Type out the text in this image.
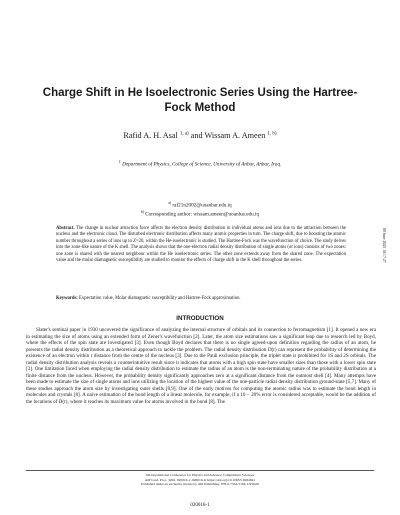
Charge Shift in He Isoelectronic Series Using the Hartree-Fock Method
Rafid A. H. Asal $^{1, a)}$ and Wissam A. Ameen $^{1, b)}$
$^1$ Department of Physics, College of Science, University of Anbar, Anbar, Iraq.
$^{a)}$ raf21n2002@uoanbar.edu.iq
$^{b)}$ Corresponding author: wissam.ameen@uoanbar.edu.iq
Abstract. The change in nuclear attraction force affects the electron density distribution in individual atoms and ions due to the attraction between the nucleus and the electronic cloud. The disturbed electronic distribution affects many atomic properties in turn. The charge shift, due to boosting the atomic number throughout a series of ions up to Z=20, within the He-isoelectronic is studied. The Hartree-Fock was the wavefunction of choice. The study delves into the zone-like nature of the K shell. The analysis shows that the one-electron radial density distribution of single atoms (or ions) consists of two zones: one zone is shared with the nearest neighbour within the He isoelectronic series. The other zone extends away from the shared zone. The expectation value and the molar diamagnetic susceptibility are studied to monitor the effects of charge shift in the K shell throughout the series.
Keywords: Expectation value, Molar diamagnetic susceptibility and Hartree-Fock approximation.
09 June 2025 10:17:27
INTRODUCTION
Slater's seminal paper in 1930 uncovered the significance of analyzing the internal structure of orbitals and its connection to ferromagnetism [1]. It opened a new era in estimating the size of atoms using an extended form of Zener's wavefunction [2]. Later, the atom size estimations saw a significant leap due to research led by Boyd, where the effects of the spin state are investigated [3]. Even though Boyd declares that there is no single agreed-upon definition regarding the radius of an atom, he presents the radial density distribution as a theoretical approach to tackle the problem. The radial density distribution D(r) can represent the probability of determining the existence of an electron within r distance from the centre of the nucleus [3]. Due to the Pauli exclusion principle, the triplet state is prohibited for 1S and 2S orbitals. The radial density distribution analysis reveals a counterintuitive result since it indicates that atoms with a high spin state have smaller sizes than those with a lower spin state [3]. One limitation faced when employing the radial density distribution to estimate the radius of an atom is the non-terminating nature of the probability distribution at a finite distance from the nucleus. However, the probability density significantly approaches zero at a significant distance from the outmost shell [4]. Many attempts have been made to estimate the size of single atoms and ions utilizing the location of the highest value of the one-particle radial density distribution ground-state [5,7]. Many of these studies approach the atom size by investigating outer shells [8,9]. One of the early motives for computing the atomic radius was to estimate the bond length in molecules and crystals [8]. A naive estimation of the bond length of a linear molecule, for example, if a 10 − 20% error is considered acceptable, would be the addition of the locations of D(r), where it reaches its maximum value for atoms involved in the bond [8]. The
6th International Conference for Physics and Advance Computation Sciences
AIP Conf. Proc. 3292, 020016-1–020016-6; https://doi.org/10.1063/5.0264841
Published under an exclusive license by AIP Publishing. 978-0-7354-5169-1/$30.00
020016-1
